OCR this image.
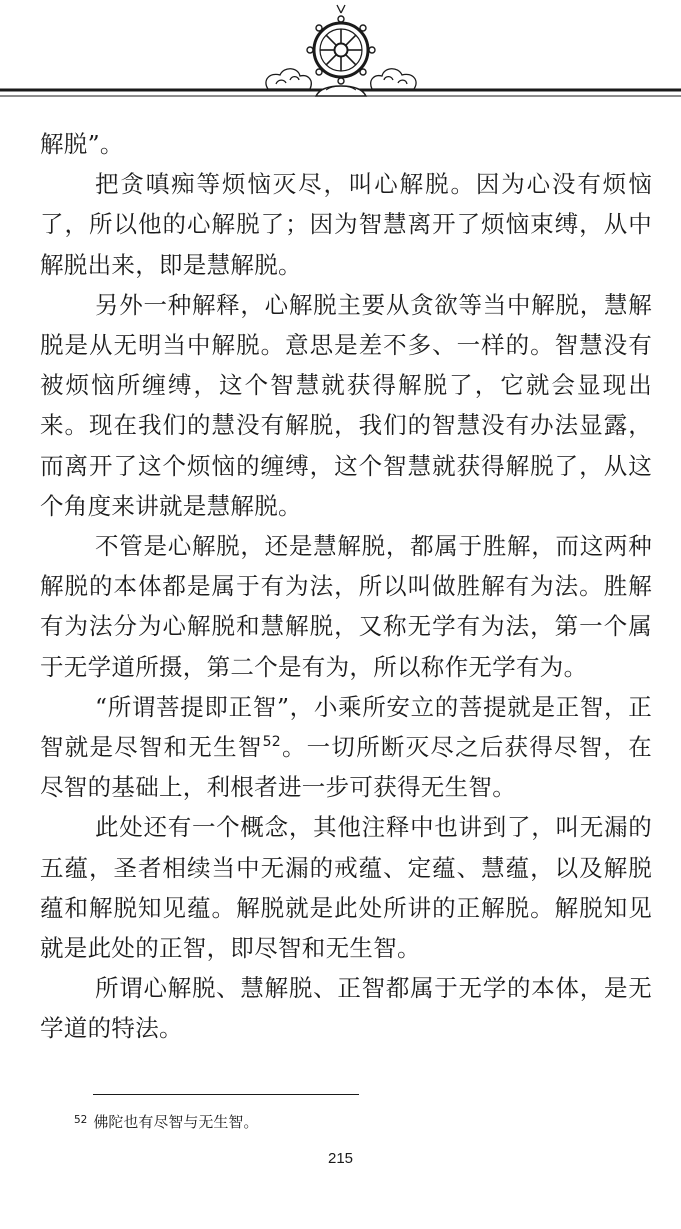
解脱”。

把贪嗔痴等烦恼灭尽，叫心解脱。因为心没有烦恼了，所以他的心解脱了；因为智慧离开了烦恼束缚，从中解脱出来，即是慧解脱。

另外一种解释，心解脱主要从贪欲等当中解脱，慧解脱是从无明当中解脱。意思是差不多、一样的。智慧没有被烦恼所缠缚，这个智慧就获得解脱了，它就会显现出来。现在我们的慧没有解脱，我们的智慧没有办法显露，而离开了这个烦恼的缠缚，这个智慧就获得解脱了，从这个角度来讲就是慧解脱。

不管是心解脱，还是慧解脱，都属于胜解，而这两种解脱的本体都是属于有为法，所以叫做胜解有为法。胜解有为法分为心解脱和慧解脱，又称无学有为法，第一个属于无学道所摄，第二个是有为，所以称作无学有为。

“所谓菩提即正智”，小乘所安立的菩提就是正智，正智就是尽智和无生智$^{52}$。一切所断灭尽之后获得尽智，在尽智的基础上，利根者进一步可获得无生智。

此处还有一个概念，其他注释中也讲到了，叫无漏的五蕴，圣者相续当中无漏的戒蕴、定蕴、慧蕴，以及解脱蕴和解脱知见蕴。解脱就是此处所讲的正解脱。解脱知见就是此处的正智，即尽智和无生智。

所谓心解脱、慧解脱、正智都属于无学的本体，是无学道的特法。

$^{52}$ 佛陀也有尽智与无生智。
215
